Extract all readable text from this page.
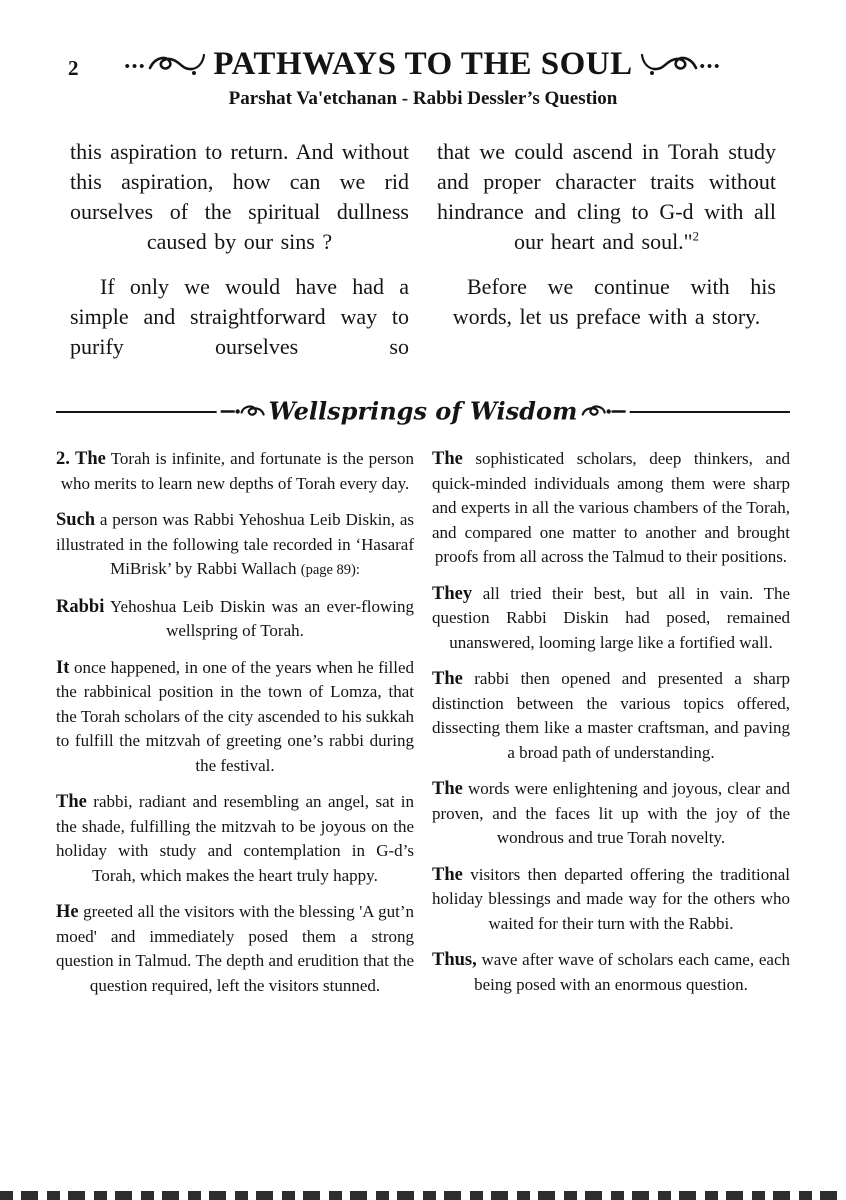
2	••• PATHWAYS TO THE SOUL	•••
Parshat Va'etchanan - Rabbi Dessler’s Question

this aspiration to return. And without this aspiration, how can we rid ourselves of the spiritual dullness caused by our sins ?

If only we would have had a simple and straightforward way to purify ourselves so

that we could ascend in Torah study and proper character traits without hindrance and cling to G-d with all our heart and soul."$^2$

Before we continue with his words, let us preface with a story.

Wellsprings of Wisdom

2. The Torah is infinite, and fortunate is the person who merits to learn new depths of Torah every day.

Such a person was Rabbi Yehoshua Leib Diskin, as illustrated in the following tale recorded in ‘Hasaraf MiBrisk’ by Rabbi Wallach (page 89):

Rabbi Yehoshua Leib Diskin was an ever-flowing wellspring of Torah.

It once happened, in one of the years when he filled the rabbinical position in the town of Lomza, that the Torah scholars of the city ascended to his sukkah to fulfill the mitzvah of greeting one’s rabbi during the festival.

The rabbi, radiant and resembling an angel, sat in the shade, fulfilling the mitzvah to be joyous on the holiday with study and contemplation in G-d’s Torah, which makes the heart truly happy.

He greeted all the visitors with the blessing 'A gut’n moed' and immediately posed them a strong question in Talmud. The depth and erudition that the question required, left the visitors stunned.

The sophisticated scholars, deep thinkers, and quick-minded individuals among them were sharp and experts in all the various chambers of the Torah, and compared one matter to another and brought proofs from all across the Talmud to their positions.

They all tried their best, but all in vain. The question Rabbi Diskin had posed, remained unanswered, looming large like a fortified wall.

The rabbi then opened and presented a sharp distinction between the various topics offered, dissecting them like a master craftsman, and paving a broad path of understanding.

The words were enlightening and joyous, clear and proven, and the faces lit up with the joy of the wondrous and true Torah novelty.

The visitors then departed offering the traditional holiday blessings and made way for the others who waited for their turn with the Rabbi.

Thus, wave after wave of scholars each came, each being posed with an enormous question.
